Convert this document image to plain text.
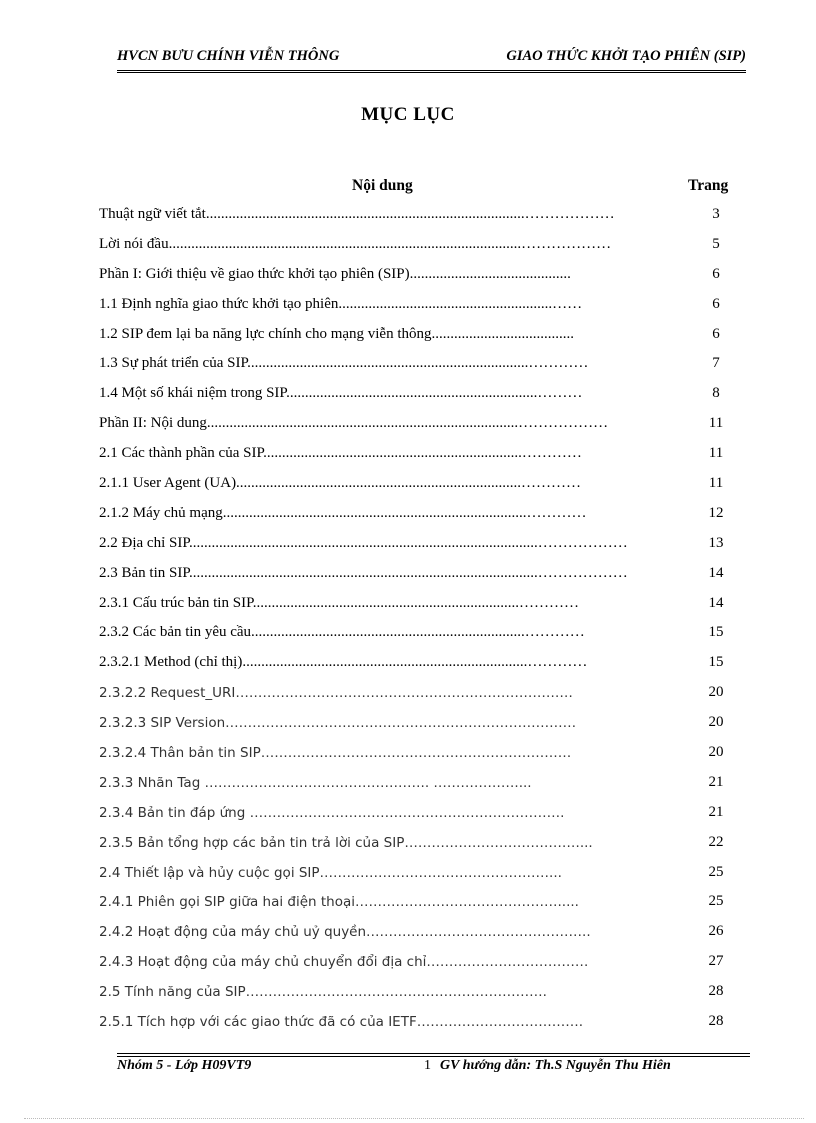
HVCN BƯU CHÍNH VIỄN THÔNG	GIAO THỨC KHỞI TẠO PHIÊN (SIP)
MỤC LỤC
Nội dung	Trang
Thuật ngữ viết tắt.....................................................................................………………	3
Lời nói đầu..............................................................................................………………	5
Phần I: Giới thiệu về giao thức khởi tạo phiên (SIP)...........................................	6
1.1 Định nghĩa giao thức khởi tạo phiên.........................................................……	6
1.2 SIP đem lại ba năng lực chính cho mạng viễn thông......................................	6
1.3 Sự phát triển của SIP...........................................................................…………	7
1.4 Một số khái niệm trong SIP...................................................................………	8
Phần II: Nội dung...................................................................................………………	11
2.1 Các thành phần của SIP.....................................................................…………	11
2.1.1 User Agent (UA)............................................................................…………	11
2.1.2 Máy chủ mạng.................................................................................…………	12
2.2 Địa chỉ SIP.............................................................................................………………	13
2.3 Bản tin SIP.............................................................................................………………	14
2.3.1 Cấu trúc bản tin SIP.......................................................................…………	14
2.3.2 Các bản tin yêu cầu.........................................................................…………	15
2.3.2.1 Method (chỉ thị)............................................................................…………	15
2.3.2.2 Request_URI…………………………………………………………………	20
2.3.2.3 SIP Version……………………………………………………………………	20
2.3.2.4 Thân bản tin SIP……………………………………………………………	20
2.3.3 Nhãn Tag ………………………………………….. ………………....	21
2.3.4 Bản tin đáp ứng …………………………………………………………….	21
2.3.5 Bản tổng hợp các bản tin trả lời của SIP…………………………………...	22
2.4 Thiết lập và hủy cuộc gọi SIP……………………………………………...	25
2.4.1 Phiên gọi SIP giữa hai điện thoại……………………………………….....	25
2.4.2 Hoạt động của máy chủ uỷ quyền…………………………………………..	26
2.4.3 Hoạt động của máy chủ chuyển đổi địa chỉ………………………………	27
2.5 Tính năng của SIP………………………………………………………….	28
2.5.1 Tích hợp với các giao thức đã có của IETF……………………………….	28
Nhóm 5 - Lớp H09VT9	1 GV hướng dẫn: Th.S Nguyễn Thu Hiên
